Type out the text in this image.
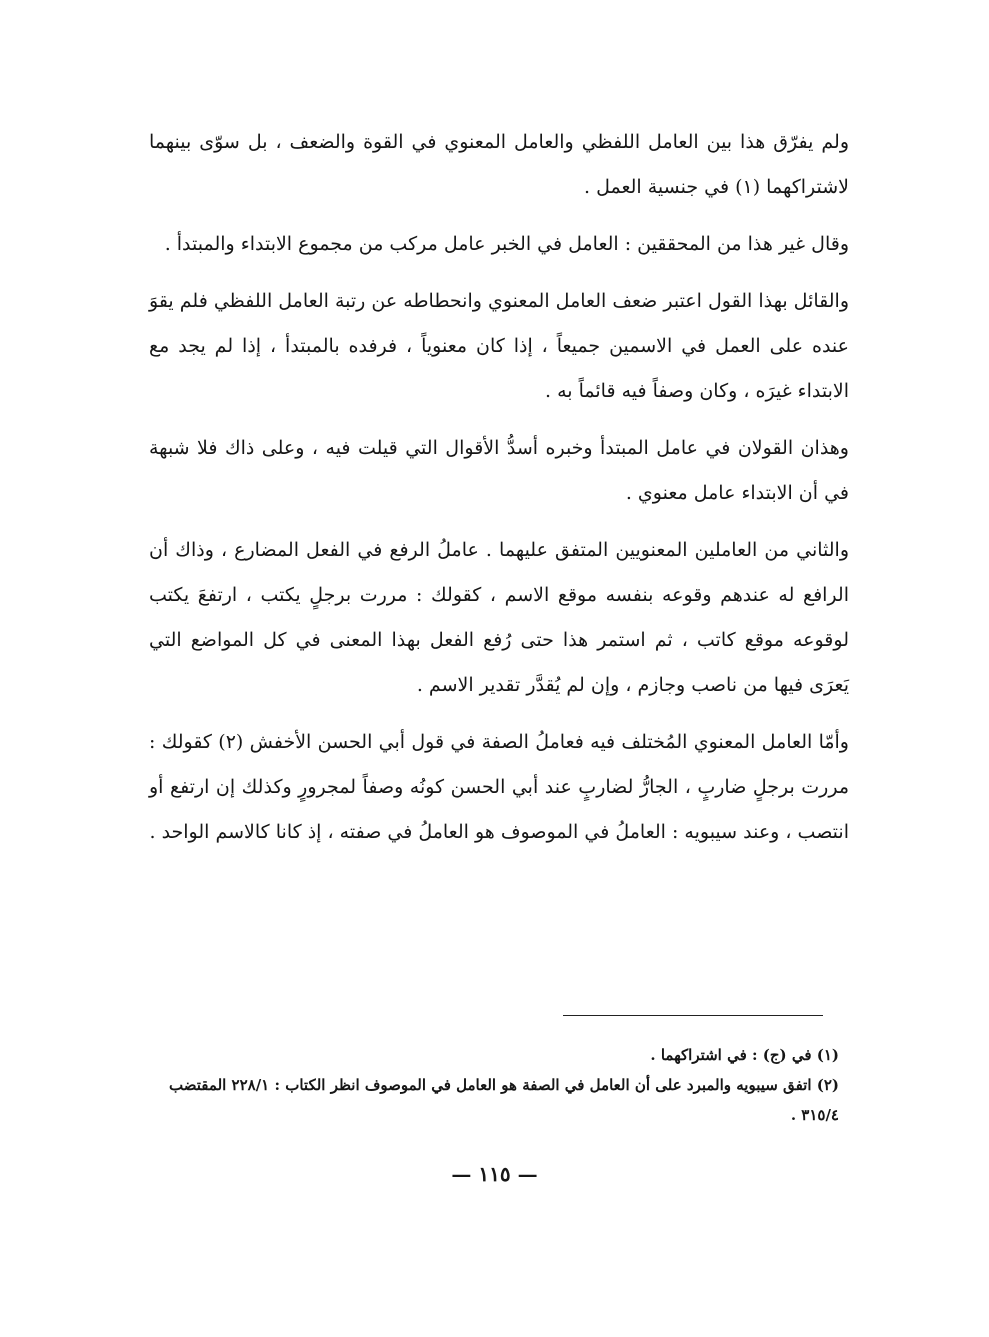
ولم يفرّق هذا بين العامل اللفظي والعامل المعنوي في القوة والضعف ، بل سوّى بينهما لاشتراكهما (١) في جنسية العمل .

وقال غير هذا من المحققين : العامل في الخبر عامل مركب من مجموع الابتداء والمبتدأ .

والقائل بهذا القول اعتبر ضعف العامل المعنوي وانحطاطه عن رتبة العامل اللفظي فلم يقوَ عنده على العمل في الاسمين جميعاً ، إذا كان معنوياً ، فرفده بالمبتدأ ، إذا لم يجد مع الابتداء غيرَه ، وكان وصفاً فيه قائماً به .

وهذان القولان في عامل المبتدأ وخبره أسدُّ الأقوال التي قيلت فيه ، وعلى ذاك فلا شبهة في أن الابتداء عامل معنوي .

والثاني من العاملين المعنويين المتفق عليهما . عاملُ الرفع في الفعل المضارع ، وذاك أن الرافع له عندهم وقوعه بنفسه موقع الاسم ، كقولك : مررت برجلٍ يكتب ، ارتفعَ يكتب لوقوعه موقع كاتب ، ثم استمر هذا حتى رُفع الفعل بهذا المعنى في كل المواضع التي يَعرَى فيها من ناصب وجازم ، وإن لم يُقدَّر تقدير الاسم .

وأمّا العامل المعنوي المُختلف فيه فعاملُ الصفة في قول أبي الحسن الأخفش (٢) كقولك : مررت برجلٍ ضاربٍ ، الجارُّ لضاربٍ عند أبي الحسن كونُه وصفاً لمجرورٍ وكذلك إن ارتفع أو انتصب ، وعند سيبويه : العاملُ في الموصوف هو العاملُ في صفته ، إذ كانا كالاسم الواحد .

(١) في (ج) : في اشتراكهما .

(٢) اتفق سيبويه والمبرد على أن العامل في الصفة هو العامل في الموصوف انظر الكتاب : ٢٢٨/١ المقتضب ٣١٥/٤ .

— ١١٥ —
